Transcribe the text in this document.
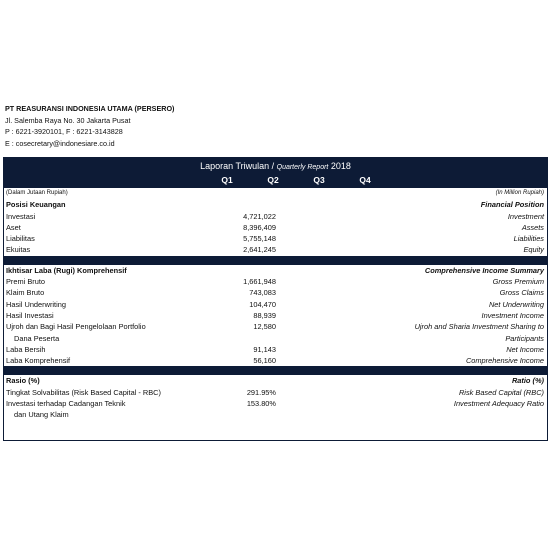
PT REASURANSI INDONESIA UTAMA (PERSERO)
Jl. Salemba Raya No. 30 Jakarta Pusat
P : 6221-3920101, F : 6221-3143828
E : cosecretary@indonesiare.co.id
Laporan Triwulan / Quarterly Report 2018
Q1	Q2	Q3	Q4
(Dalam Jutaan Rupiah)	(In Million Rupiah)
Posisi Keuangan	Financial Position
Investasi	4,721,022	Investment
Aset	8,396,409	Assets
Liabilitas	5,755,148	Liabilities
Ekuitas	2,641,245	Equity
Ikhtisar Laba (Rugi) Komprehensif	Comprehensive Income Summary
Premi Bruto	1,661,948	Gross Premium
Klaim Bruto	743,083	Gross Claims
Hasil Underwriting	104,470	Net Underwriting
Hasil Investasi	88,939	Investment Income
Ujroh dan Bagi Hasil Pengelolaan Portfolio	12,580	Ujroh and Sharia Investment Sharing to
Dana Peserta	Participants
Laba Bersih	91,143	Net Income
Laba Komprehensif	56,160	Comprehensive Income
Rasio (%)	Ratio (%)
Tingkat Solvabilitas (Risk Based Capital - RBC)	291.95%	Risk Based Capital (RBC)
Investasi terhadap Cadangan Teknik	153.80%	Investment Adequacy Ratio
dan Utang Klaim
